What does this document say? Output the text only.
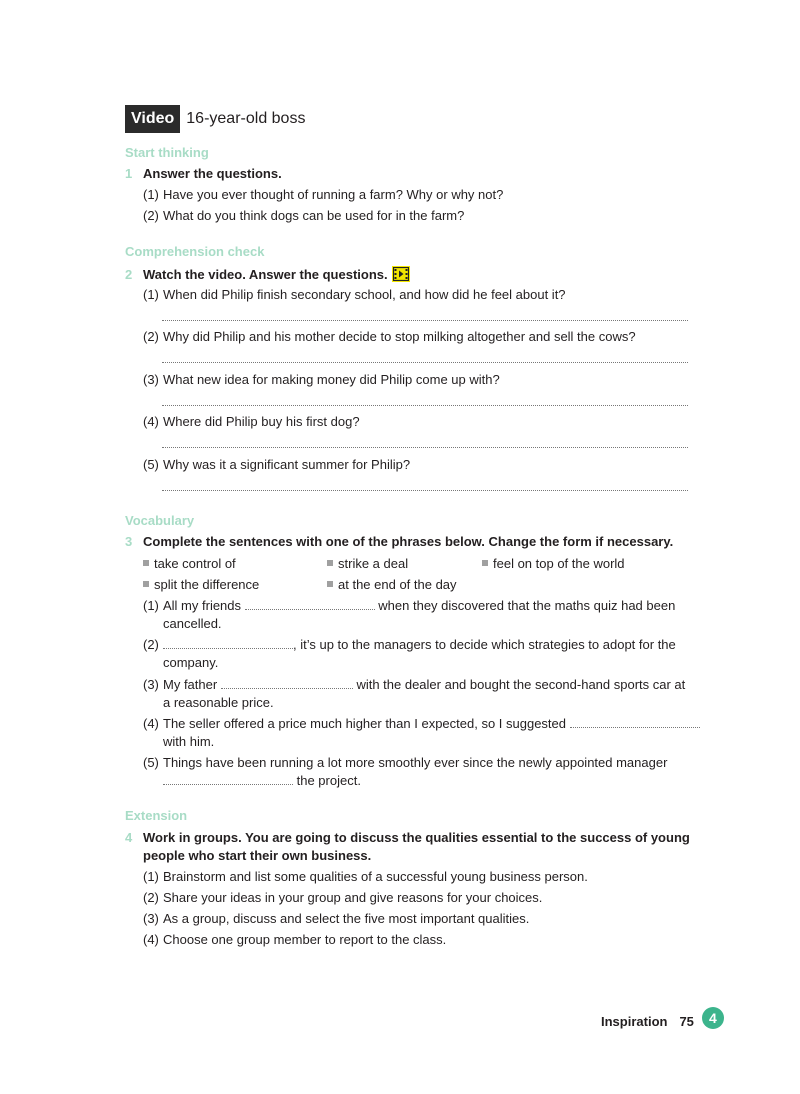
Video 16-year-old boss
Start thinking
1 Answer the questions.
(1) Have you ever thought of running a farm? Why or why not?
(2) What do you think dogs can be used for in the farm?
Comprehension check
2 Watch the video. Answer the questions.
(1) When did Philip finish secondary school, and how did he feel about it?
(2) Why did Philip and his mother decide to stop milking altogether and sell the cows?
(3) What new idea for making money did Philip come up with?
(4) Where did Philip buy his first dog?
(5) Why was it a significant summer for Philip?
Vocabulary
3 Complete the sentences with one of the phrases below. Change the form if necessary.
take control of	strike a deal	feel on top of the world
split the difference	at the end of the day
(1) All my friends	when they discovered that the maths quiz had been
cancelled.
(2)	, it’s up to the managers to decide which strategies to adopt for the
company.
(3) My father	with the dealer and bought the second-hand sports car at
a reasonable price.
(4) The seller offered a price much higher than I expected, so I suggested
with him.
(5) Things have been running a lot more smoothly ever since the newly appointed manager
the project.
Extension
4 Work in groups. You are going to discuss the qualities essential to the success of young
people who start their own business.
(1) Brainstorm and list some qualities of a successful young business person.
(2) Share your ideas in your group and give reasons for your choices.
(3) As a group, discuss and select the five most important qualities.
(4) Choose one group member to report to the class.
Inspiration 75	4
